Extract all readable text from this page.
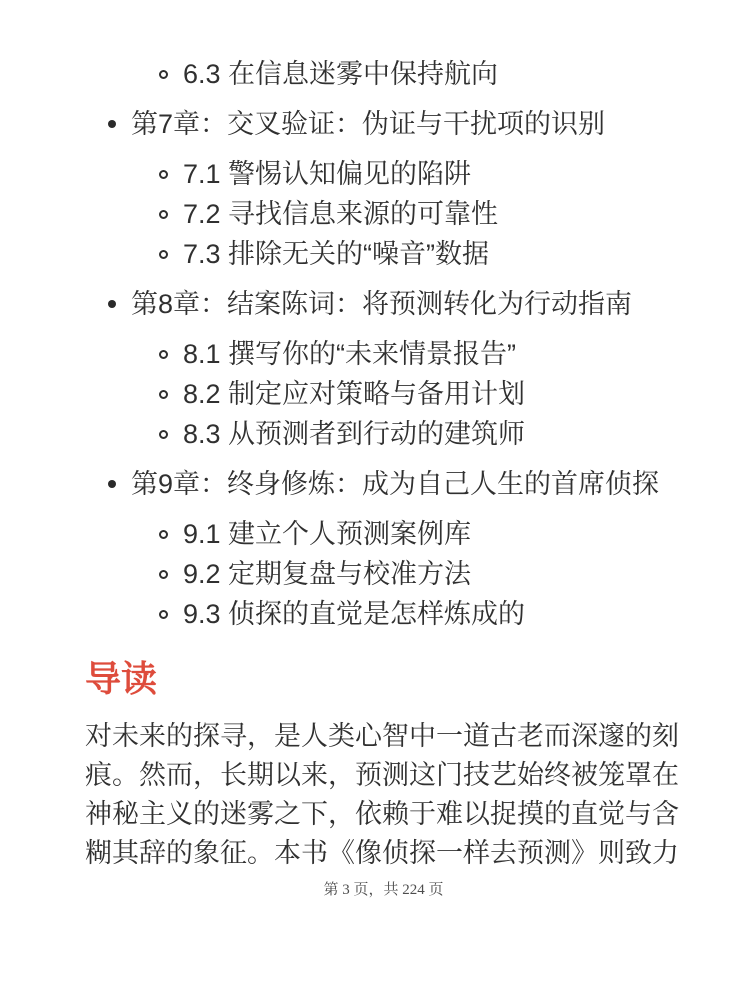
6.3 在信息迷雾中保持航向
第7章：交叉验证：伪证与干扰项的识别
7.1 警惕认知偏见的陷阱
7.2 寻找信息来源的可靠性
7.3 排除无关的“噪音”数据
第8章：结案陈词：将预测转化为行动指南
8.1 撰写你的“未来情景报告”
8.2 制定应对策略与备用计划
8.3 从预测者到行动的建筑师
第9章：终身修炼：成为自己人生的首席侦探
9.1 建立个人预测案例库
9.2 定期复盘与校准方法
9.3 侦探的直觉是怎样炼成的
导读
对未来的探寻，是人类心智中一道古老而深邃的刻
痕。然而，长期以来，预测这门技艺始终被笼罩在
神秘主义的迷雾之下，依赖于难以捉摸的直觉与含
糊其辞的象征。本书《像侦探一样去预测》则致力
第 3 页，共 224 页
